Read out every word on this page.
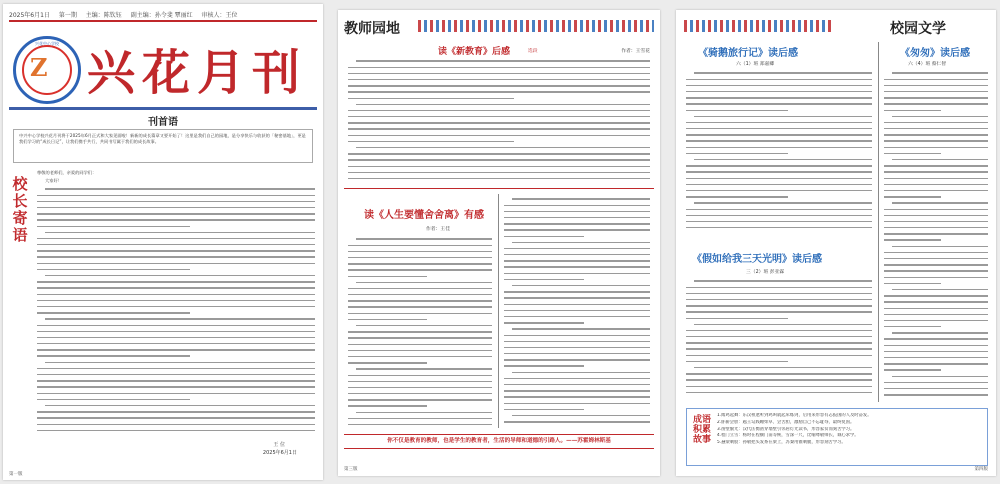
2025年6月1日 第一期 主编：陈钦钰 副主编：孙令斐 覃丽红 审核人：王位
兴花中心学校
Z 兴花月刊
刊首语
中兴中心学校兴花月刊将于2025年6月正式和大家见面啦！新新的成长篇章又要开始了！这里是我们自己的园地，是分享快乐与收获的「秘密基地」，更是我们学习的“成长日记”，让我们携手共行，共同书写属于我们的成长故事。
校长寄语
尊敬的老师们，亲爱的同学们：
大家好！
王 位
2025年6月1日
第一版
教师园地
读《新教育》后感	选段	作者：王雪花
读《人生要懂舍舍离》有感
作者：王佳
你不仅是教育的教师，也是学生的教育者，生活的导师和道德的引路人。——苏霍姆林斯基
第三版
校园文学
《骑鹅旅行记》读后感
六（1）班 郑嘉卿
《匆匆》读后感
六（4）班 蔡仁智
《假如给我三天光明》读后感
三（2）班 彭亚霖
成语积累故事
1.闻鸡起舞：东汉祖逖听到鸡叫就起床练剑，后用来形容有志报国的人及时奋发。
2.卧薪尝胆：越王勾践睡柴草、尝苦胆，激励自己不忘耻辱，最终复国。
3.凿壁偷光：汉代匡衡凿穿墙壁引邻居灯光读书，形容家贫而刻苦学习。
4.程门立雪：杨时在程颐门前等候，雪深一尺，比喻尊敬师长，诚心求学。
5.悬梁刺股：孙敬把头发系在梁上，苏秦用锥刺腿，形容刻苦学习。
第四版
